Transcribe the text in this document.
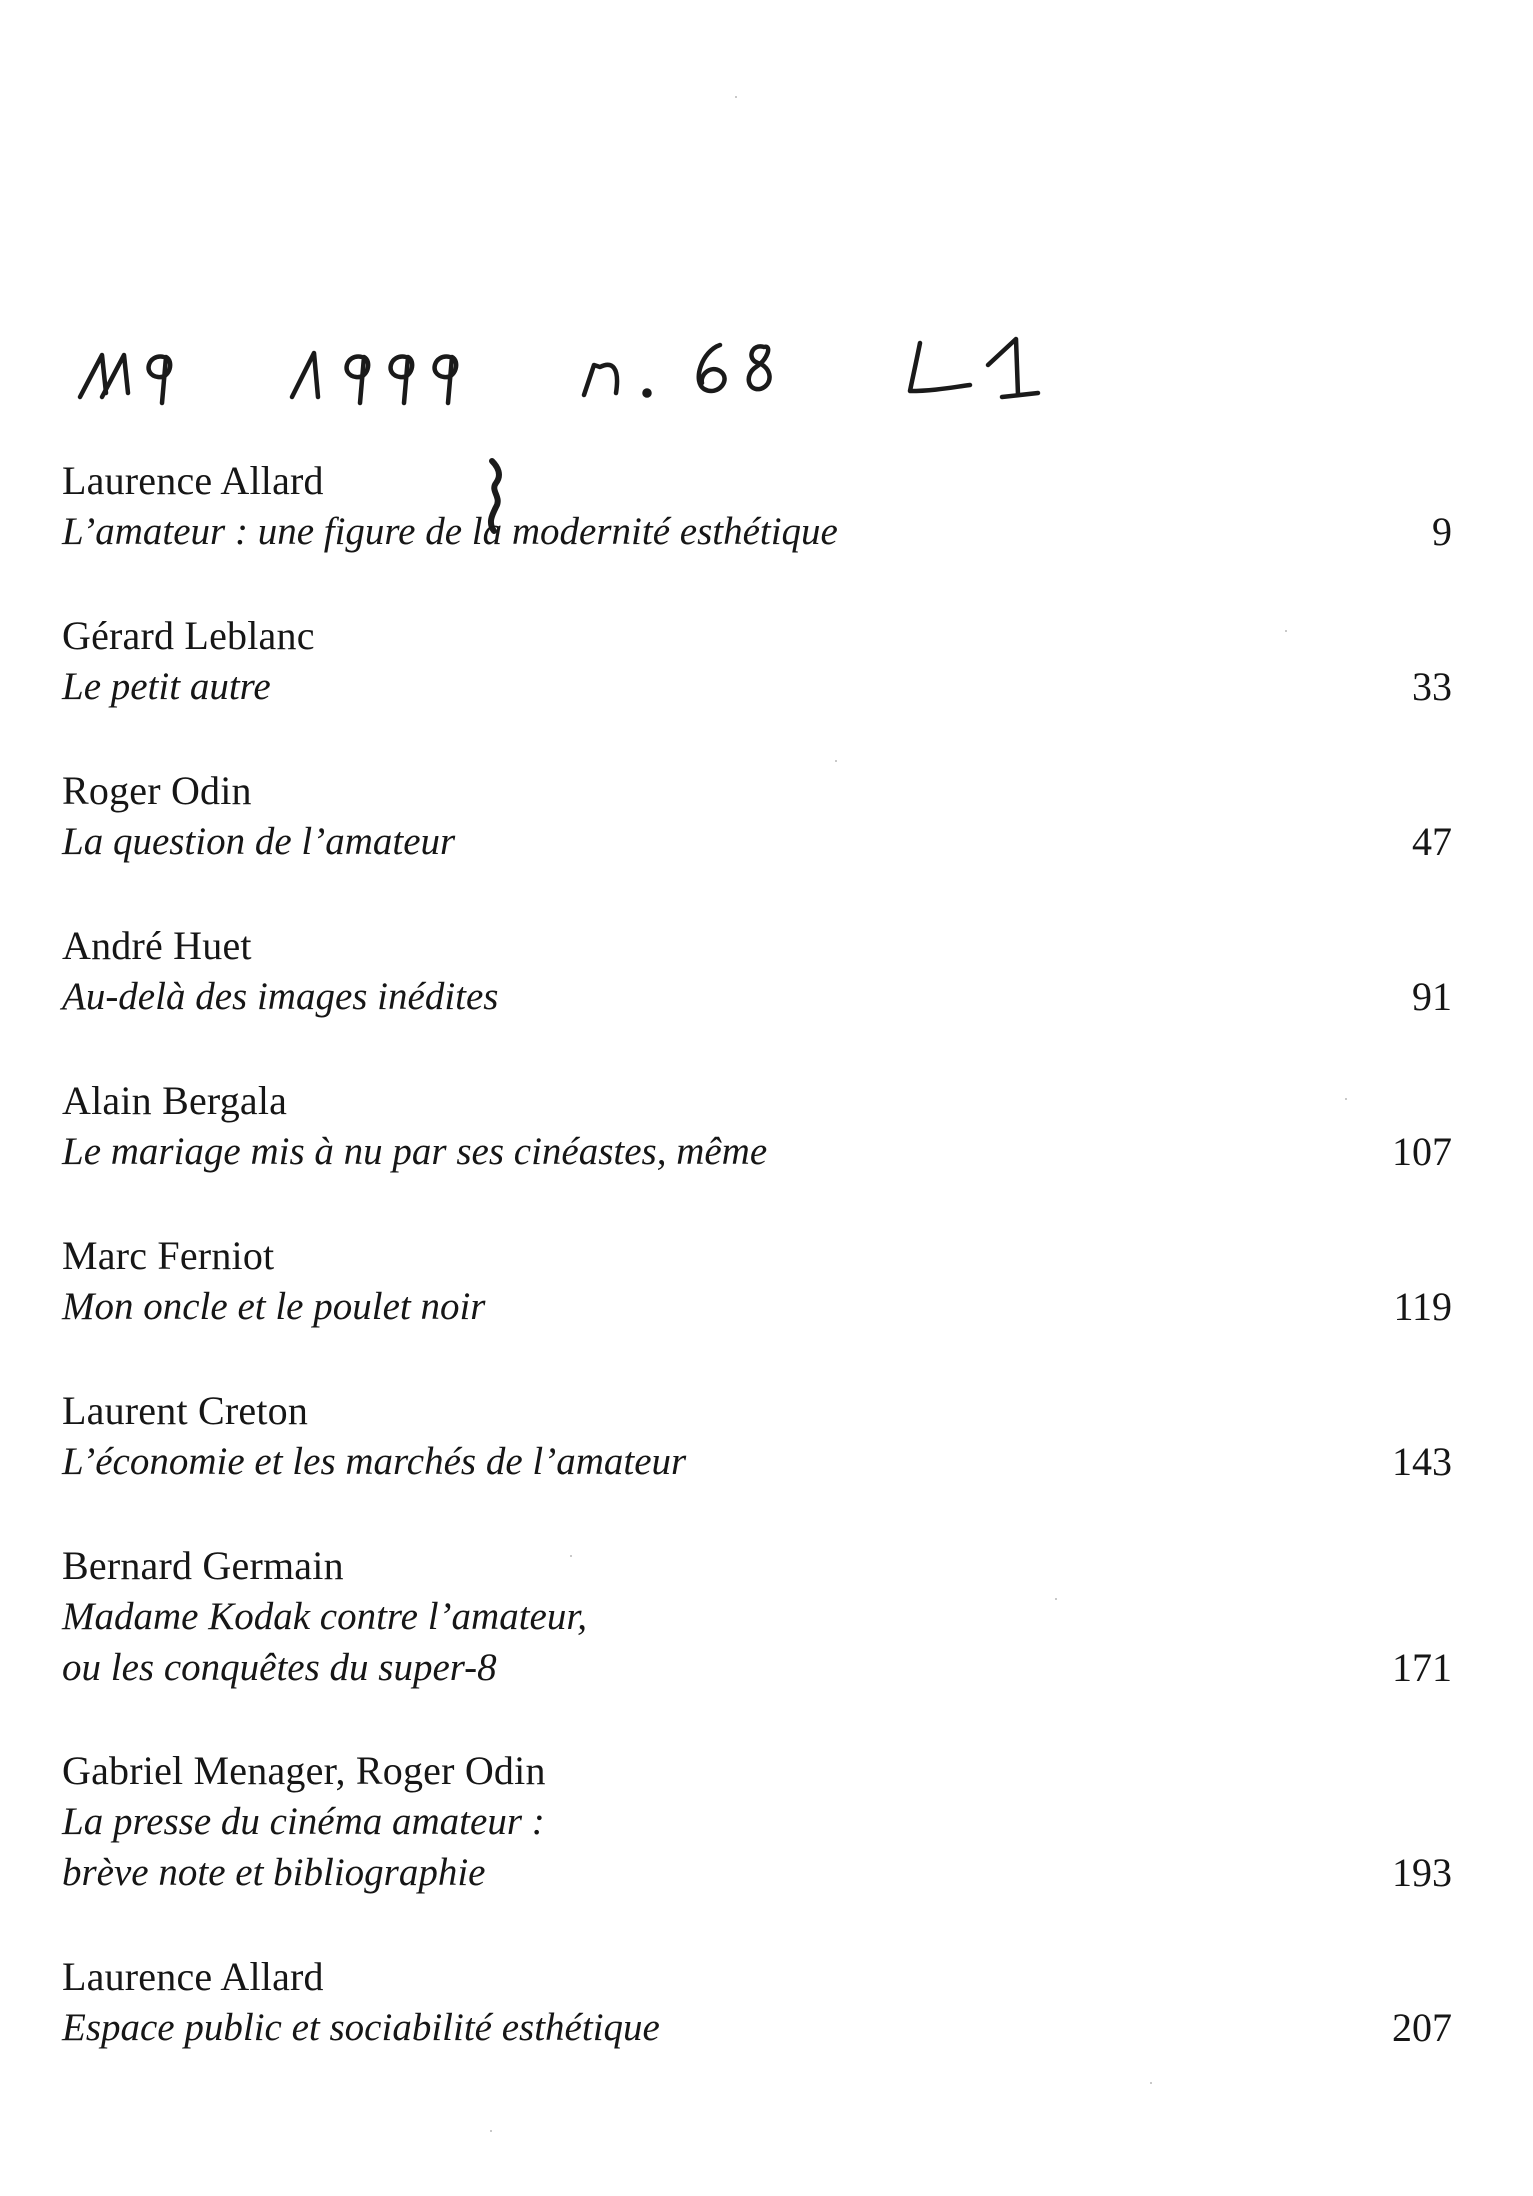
Laurence Allard
L’amateur : une figure de la modernité esthétique	9
Gérard Leblanc
Le petit autre	33
Roger Odin
La question de l’amateur	47
André Huet
Au-delà des images inédites	91
Alain Bergala
Le mariage mis à nu par ses cinéastes, même	107
Marc Ferniot
Mon oncle et le poulet noir	119
Laurent Creton
L’économie et les marchés de l’amateur	143
Bernard Germain
Madame Kodak contre l’amateur,
ou les conquêtes du super-8	171
Gabriel Menager, Roger Odin
La presse du cinéma amateur :
brève note et bibliographie	193
Laurence Allard
Espace public et sociabilité esthétique	207
